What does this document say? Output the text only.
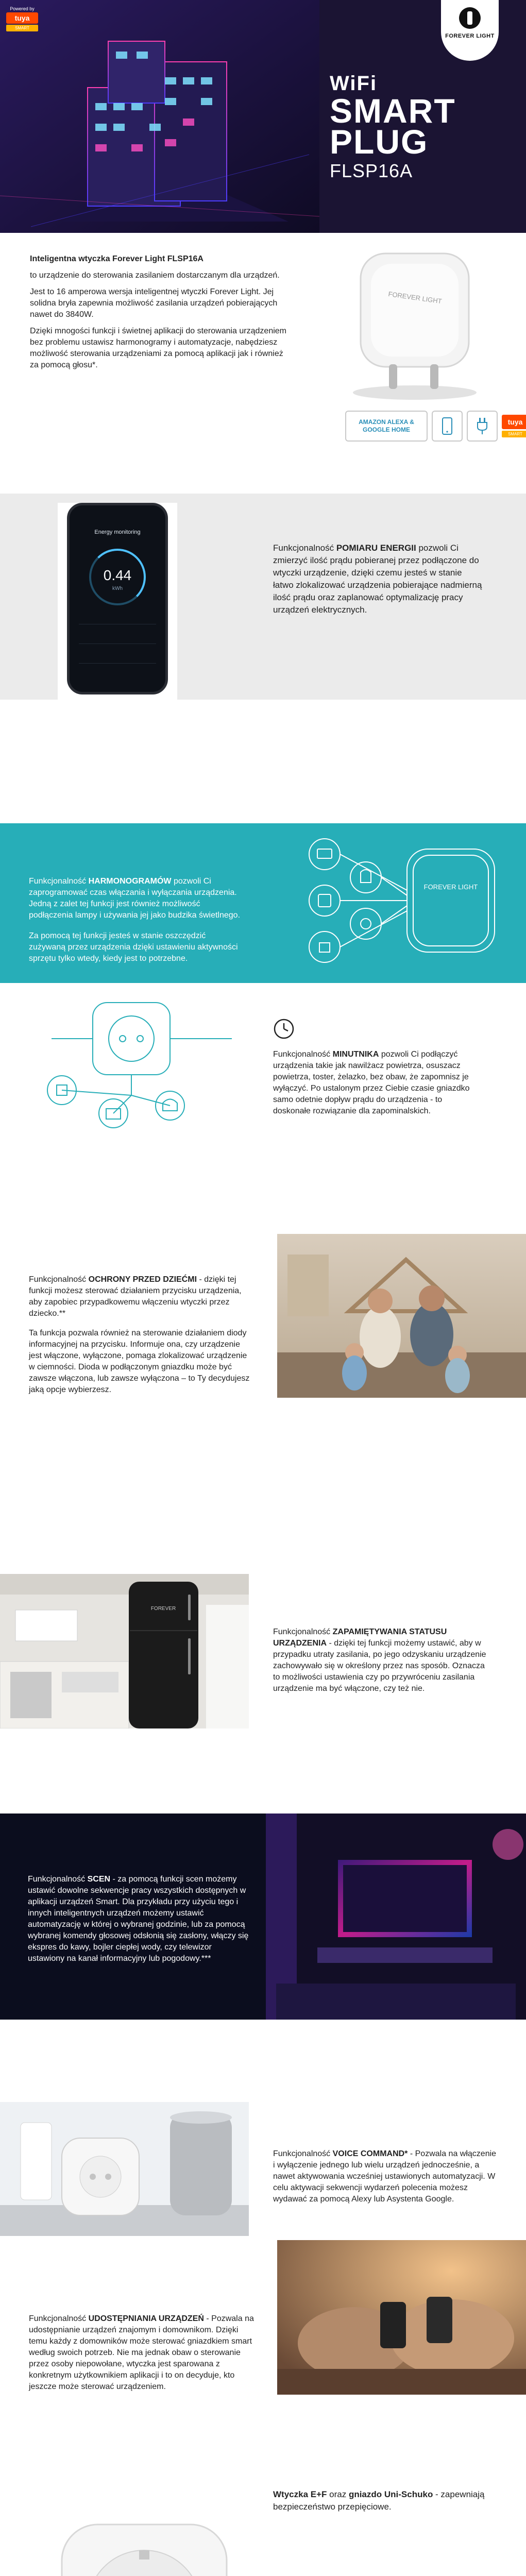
Powered by
tuya
SMART
FOREVER LIGHT
WiFi
SMART
PLUG
FLSP16A

Inteligentna wtyczka Forever Light FLSP16A

to urządzenie do sterowania zasilaniem dostarczanym dla urządzeń.

Jest to 16 amperowa wersja inteligentnej wtyczki Forever Light. Jej solidna bryła zapewnia możliwość zasilania urządzeń pobierających nawet do 3840W.

Dzięki mnogości funkcji i świetnej aplikacji do sterowania urządzeniem bez problemu ustawisz harmonogramy i automatyzacje, nabędziesz możliwość sterowania urządzeniami za pomocą aplikacji jak i również za pomocą głosu*.

FOREVER LIGHT
AMAZON ALEXA & GOOGLE HOME
tuya
SMART
Energy monitoring
0.44
kWh

Funkcjonalność POMIARU ENERGII pozwoli Ci zmierzyć ilość prądu pobieranej przez podłączone do wtyczki urządzenie, dzięki czemu jesteś w stanie łatwo zlokalizować urządzenia pobierające nadmierną ilość prądu oraz zaplanować optymalizację pracy urządzeń elektrycznych.

Funkcjonalność HARMONOGRAMÓW pozwoli Ci zaprogramować czas włączania i wyłączania urządzenia. Jedną z zalet tej funkcji jest również możliwość podłączenia lampy i używania jej jako budzika świetlnego.

Za pomocą tej funkcji jesteś w stanie oszczędzić zużywaną przez urządzenia dzięki ustawieniu aktywności sprzętu tylko wtedy, kiedy jest to potrzebne.

FOREVER LIGHT

Funkcjonalność MINUTNIKA pozwoli Ci podłączyć urządzenia takie jak nawilżacz powietrza, osuszacz powietrza, toster, żelazko, bez obaw, że zapomnisz je wyłączyć. Po ustalonym przez Ciebie czasie gniazdko samo odetnie dopływ prądu do urządzenia - to doskonałe rozwiązanie dla zapominalskich.

Funkcjonalność OCHRONY PRZED DZIEĆMI - dzięki tej funkcji możesz sterować działaniem przycisku urządzenia, aby zapobiec przypadkowemu włączeniu wtyczki przez dziecko.**

Ta funkcja pozwala również na sterowanie działaniem diody informacyjnej na przycisku. Informuje ona, czy urządzenie jest włączone, wyłączone, pomaga zlokalizować urządzenie w ciemności. Dioda w podłączonym gniazdku może być zawsze włączona, lub zawsze wyłączona – to Ty decydujesz jaką opcje wybierzesz.

FOREVER

Funkcjonalność ZAPAMIĘTYWANIA STATUSU URZĄDZENIA - dzięki tej funkcji możemy ustawić, aby w przypadku utraty zasilania, po jego odzyskaniu urządzenie zachowywało się w określony przez nas sposób. Oznacza to możliwości ustawienia czy po przywróceniu zasilania urządzenie ma być włączone, czy też nie.

Funkcjonalność SCEN - za pomocą funkcji scen możemy ustawić dowolne sekwencje pracy wszystkich dostępnych w aplikacji urządzeń Smart. Dla przykładu przy użyciu tego i innych inteligentnych urządzeń możemy ustawić automatyzację w której o wybranej godzinie, lub za pomocą wybranej komendy głosowej odsłonią się zasłony, włączy się ekspres do kawy, bojler ciepłej wody, czy telewizor ustawiony na kanał informacyjny lub pogodowy.***

Funkcjonalność VOICE COMMAND* - Pozwala na włączenie i wyłączenie jednego lub wielu urządzeń jednocześnie, a nawet aktywowania wcześniej ustawionych automatyzacji. W celu aktywacji sekwencji wydarzeń polecenia możesz wydawać za pomocą Alexy lub Asystenta Google.

Funkcjonalność UDOSTĘPNIANIA URZĄDZEŃ - Pozwala na udostępnianie urządzeń znajomym i domownikom. Dzięki temu każdy z domowników może sterować gniazdkiem smart według swoich potrzeb. Nie ma jednak obaw o sterowanie przez osoby niepowołane, wtyczka jest sparowana z konkretnym użytkownikiem aplikacji i to on decyduje, kto jeszcze może sterować urządzeniem.

Wtyczka E+F oraz gniazdo Uni-Schuko - zapewniają bezpieczeństwo przepięciowe.
